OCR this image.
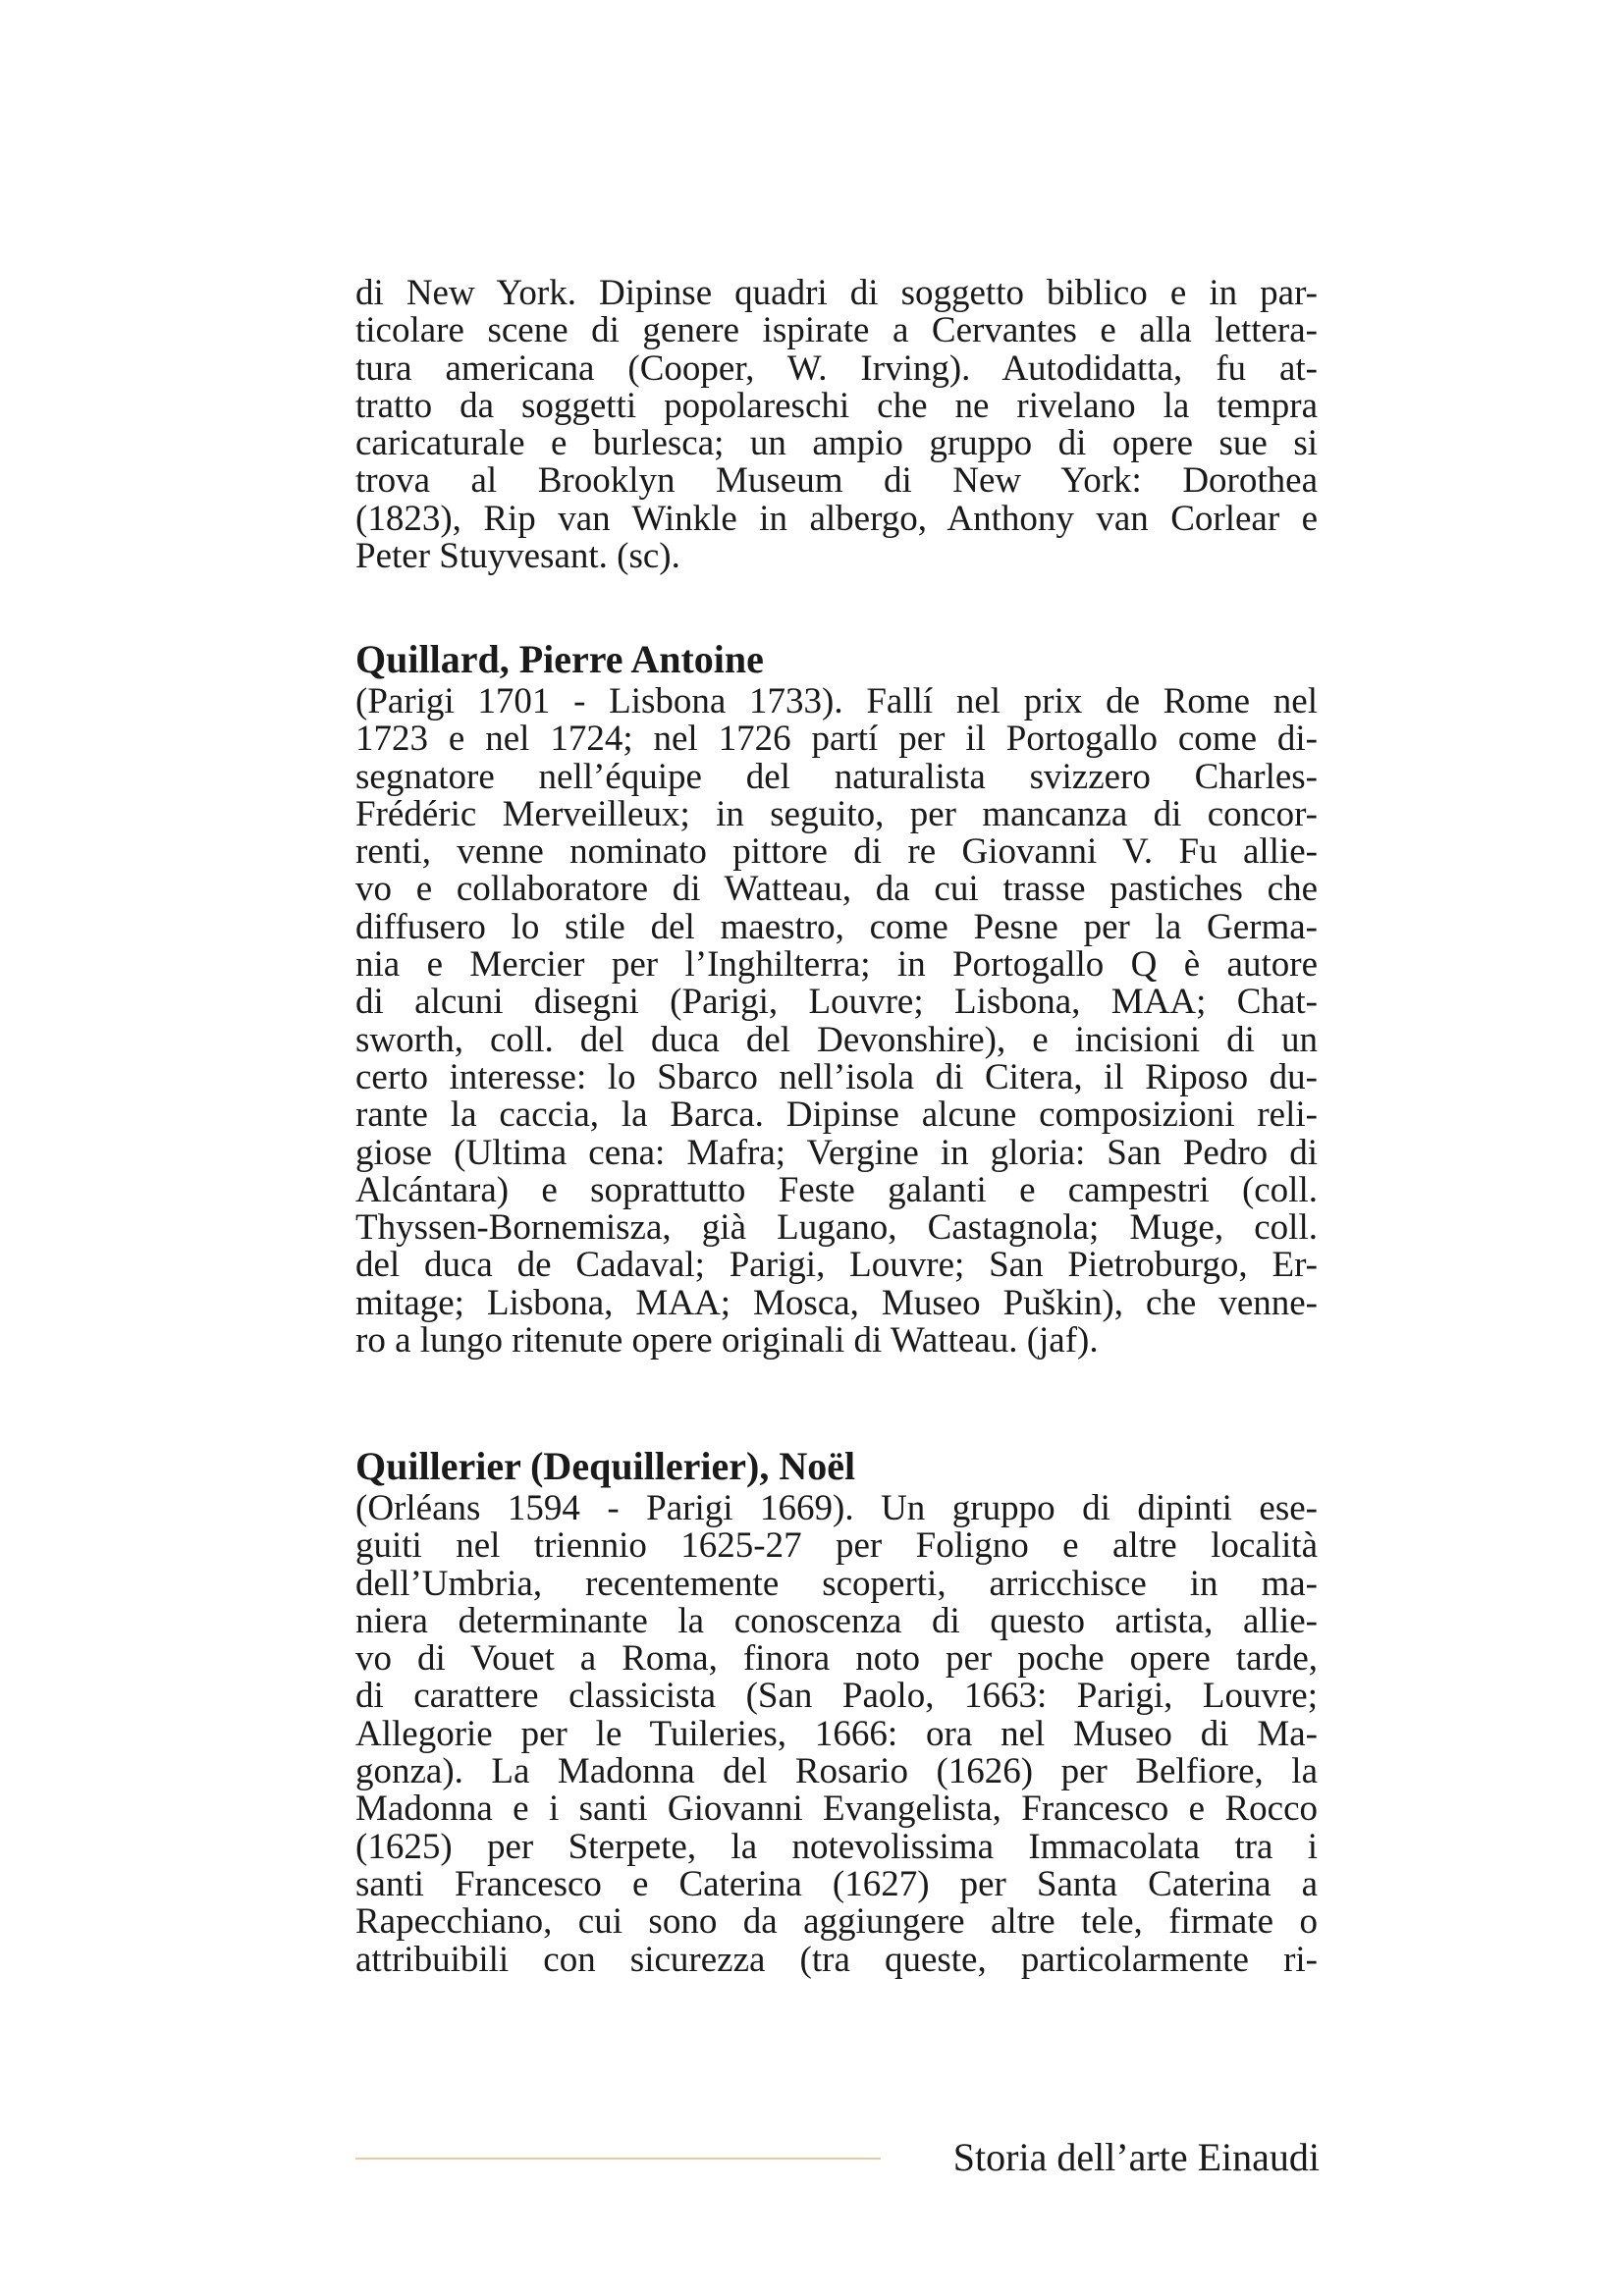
di New York. Dipinse quadri di soggetto biblico e in par-
ticolare scene di genere ispirate a Cervantes e alla lettera-
tura americana (Cooper, W. Irving). Autodidatta, fu at-
tratto da soggetti popolareschi che ne rivelano la tempra
caricaturale e burlesca; un ampio gruppo di opere sue si
trova al Brooklyn Museum di New York: Dorothea
(1823), Rip van Winkle in albergo, Anthony van Corlear e
Peter Stuyvesant. (sc).
Quillard, Pierre Antoine
(Parigi 1701 - Lisbona 1733). Fallí nel prix de Rome nel
1723 e nel 1724; nel 1726 partí per il Portogallo come di-
segnatore nell’équipe del naturalista svizzero Charles-
Frédéric Merveilleux; in seguito, per mancanza di concor-
renti, venne nominato pittore di re Giovanni V. Fu allie-
vo e collaboratore di Watteau, da cui trasse pastiches che
diffusero lo stile del maestro, come Pesne per la Germa-
nia e Mercier per l’Inghilterra; in Portogallo Q è autore
di alcuni disegni (Parigi, Louvre; Lisbona, MAA; Chat-
sworth, coll. del duca del Devonshire), e incisioni di un
certo interesse: lo Sbarco nell’isola di Citera, il Riposo du-
rante la caccia, la Barca. Dipinse alcune composizioni reli-
giose (Ultima cena: Mafra; Vergine in gloria: San Pedro di
Alcántara) e soprattutto Feste galanti e campestri (coll.
Thyssen-Bornemisza, già Lugano, Castagnola; Muge, coll.
del duca de Cadaval; Parigi, Louvre; San Pietroburgo, Er-
mitage; Lisbona, MAA; Mosca, Museo Puškin), che venne-
ro a lungo ritenute opere originali di Watteau. (jaf).
Quillerier (Dequillerier), Noël
(Orléans 1594 - Parigi 1669). Un gruppo di dipinti ese-
guiti nel triennio 1625-27 per Foligno e altre località
dell’Umbria, recentemente scoperti, arricchisce in ma-
niera determinante la conoscenza di questo artista, allie-
vo di Vouet a Roma, finora noto per poche opere tarde,
di carattere classicista (San Paolo, 1663: Parigi, Louvre;
Allegorie per le Tuileries, 1666: ora nel Museo di Ma-
gonza). La Madonna del Rosario (1626) per Belfiore, la
Madonna e i santi Giovanni Evangelista, Francesco e Rocco
(1625) per Sterpete, la notevolissima Immacolata tra i
santi Francesco e Caterina (1627) per Santa Caterina a
Rapecchiano, cui sono da aggiungere altre tele, firmate o
attribuibili con sicurezza (tra queste, particolarmente ri-
Storia dell’arte Einaudi
